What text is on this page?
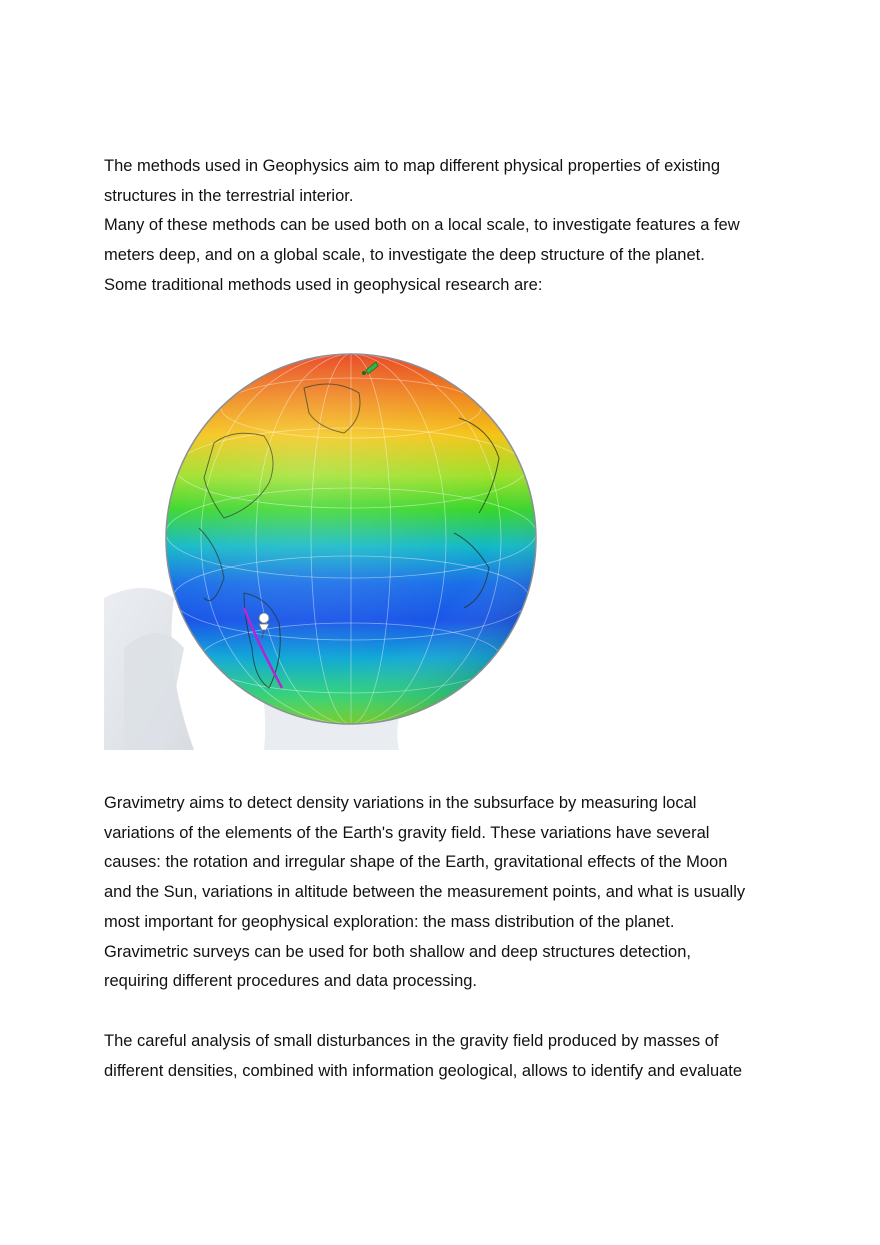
The methods used in Geophysics aim to map different physical properties of existing

structures in the terrestrial interior.

Many of these methods can be used both on a local scale, to investigate features a few

meters deep, and on a global scale, to investigate the deep structure of the planet.

Some traditional methods used in geophysical research are:

Gravimetry aims to detect density variations in the subsurface by measuring local

variations of the elements of the Earth's gravity field. These variations have several

causes: the rotation and irregular shape of the Earth, gravitational effects of the Moon

and the Sun, variations in altitude between the measurement points, and what is usually

most important for geophysical exploration: the mass distribution of the planet.

Gravimetric surveys can be used for both shallow and deep structures detection,

requiring different procedures and data processing.

The careful analysis of small disturbances in the gravity field produced by masses of

different densities, combined with information geological, allows to identify and evaluate
